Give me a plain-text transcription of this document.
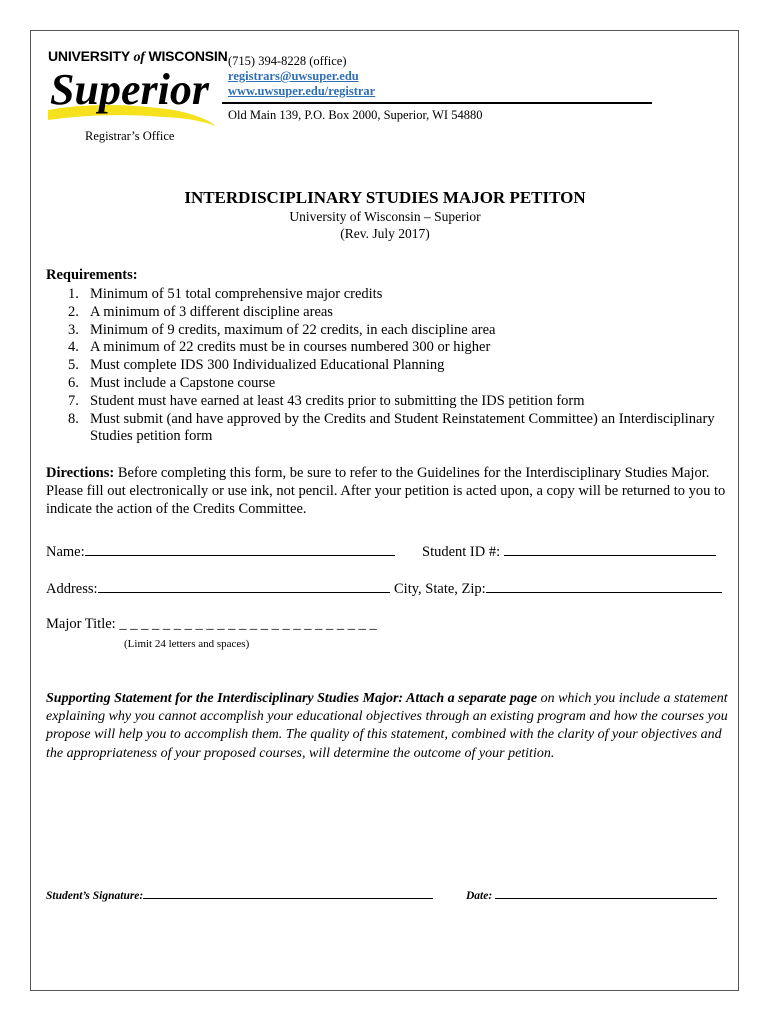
UNIVERSITY of WISCONSIN
Superior
(715) 394-8228 (office)
registrars@uwsuper.edu
www.uwsuper.edu/registrar
Old Main 139, P.O. Box 2000, Superior, WI 54880
Registrar’s Office
INTERDISCIPLINARY STUDIES MAJOR PETITON
University of Wisconsin – Superior
(Rev. July 2017)
Requirements:
1. Minimum of 51 total comprehensive major credits
2. A minimum of 3 different discipline areas
3. Minimum of 9 credits, maximum of 22 credits, in each discipline area
4. A minimum of 22 credits must be in courses numbered 300 or higher
5. Must complete IDS 300 Individualized Educational Planning
6. Must include a Capstone course
7. Student must have earned at least 43 credits prior to submitting the IDS petition form
8. Must submit (and have approved by the Credits and Student Reinstatement Committee) an Interdisciplinary Studies petition form
Directions: Before completing this form, be sure to refer to the Guidelines for the Interdisciplinary Studies Major. Please fill out electronically or use ink, not pencil. After your petition is acted upon, a copy will be returned to you to indicate the action of the Credits Committee.
Name:	Student ID #:
Address:	City, State, Zip:
Major Title: _ _ _ _ _ _ _ _ _ _ _ _ _ _ _ _ _ _ _ _ _ _ _ _
(Limit 24 letters and spaces)
Supporting Statement for the Interdisciplinary Studies Major: Attach a separate page on which you include a statement explaining why you cannot accomplish your educational objectives through an existing program and how the courses you propose will help you to accomplish them. The quality of this statement, combined with the clarity of your objectives and the appropriateness of your proposed courses, will determine the outcome of your petition.
Student’s Signature:	Date:
